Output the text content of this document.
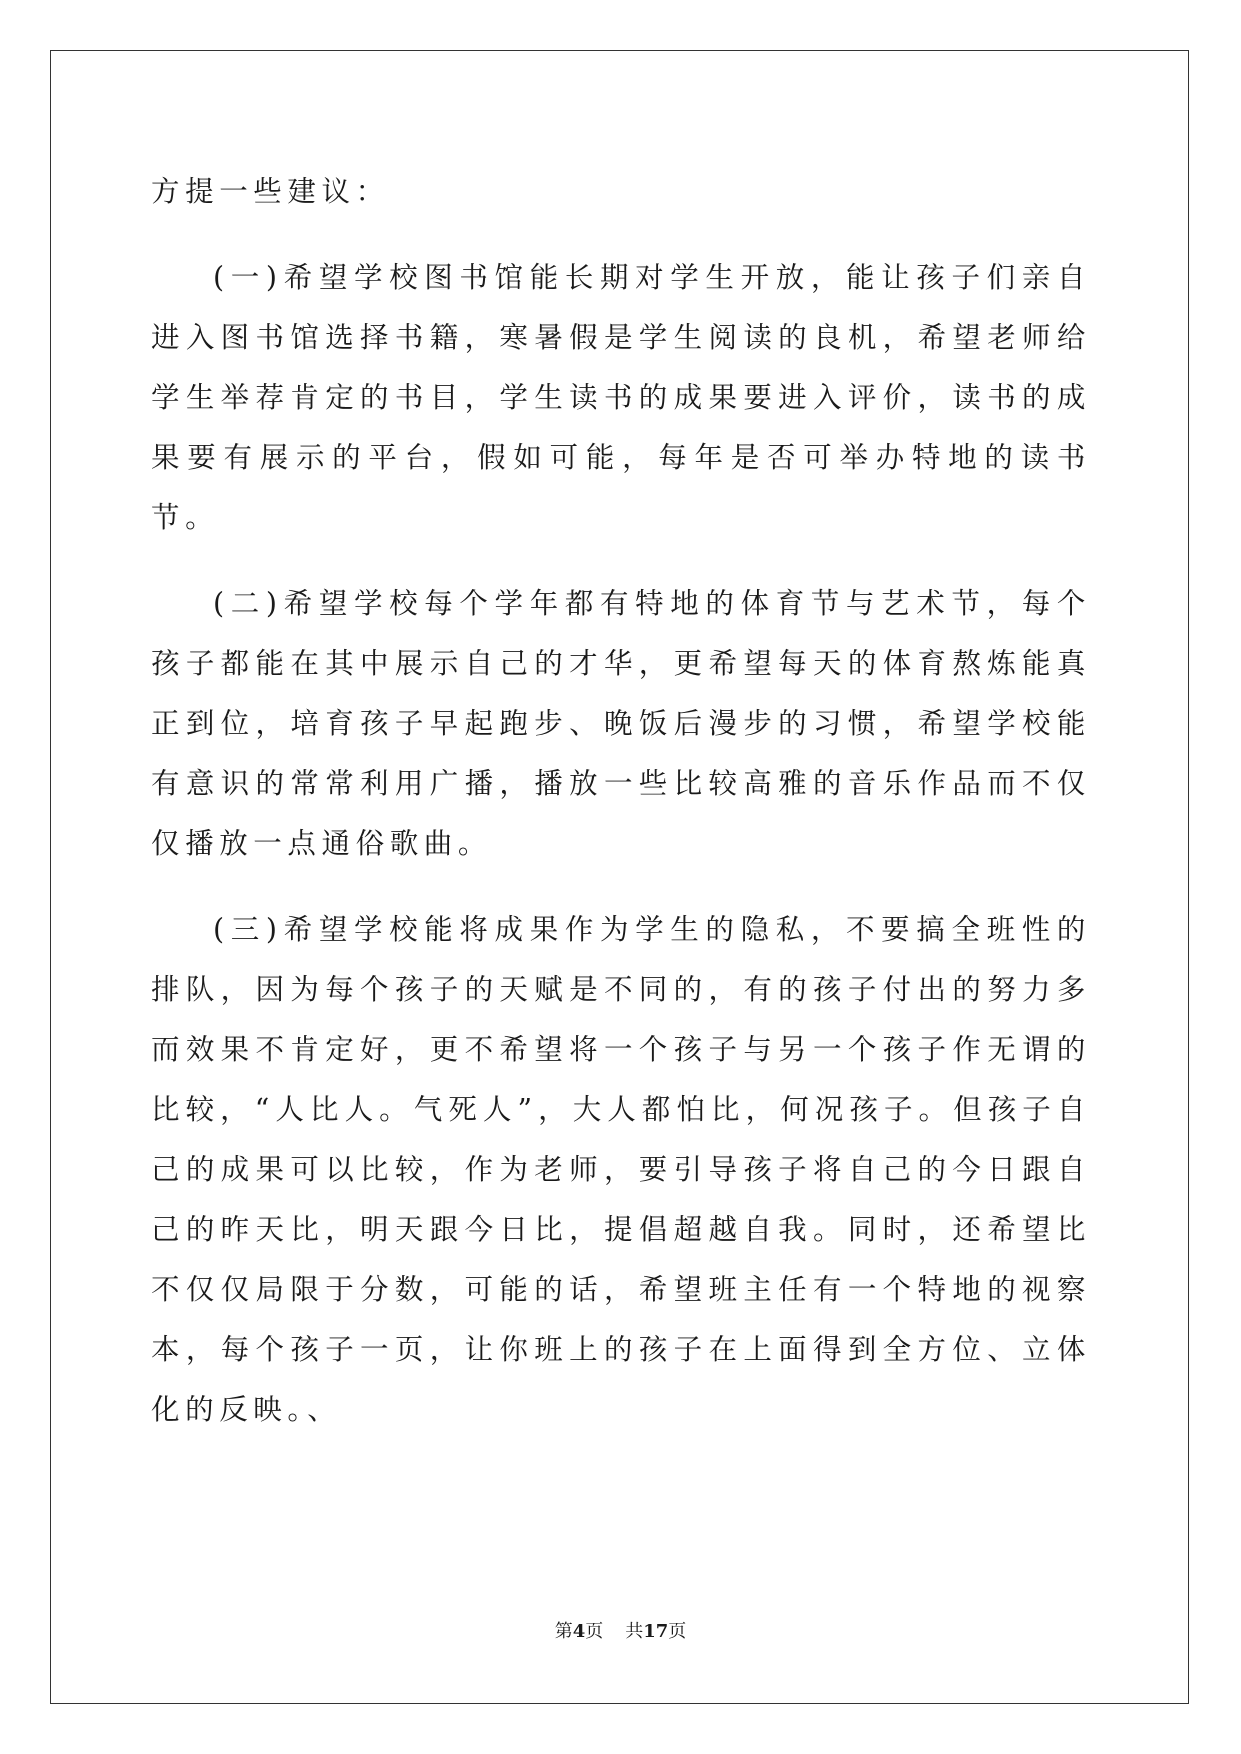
方提一些建议：

(一)希望学校图书馆能长期对学生开放，能让孩子们亲自进入图书馆选择书籍，寒暑假是学生阅读的良机，希望老师给学生举荐肯定的书目，学生读书的成果要进入评价，读书的成果要有展示的平台，假如可能，每年是否可举办特地的读书节。

(二)希望学校每个学年都有特地的体育节与艺术节，每个孩子都能在其中展示自己的才华，更希望每天的体育熬炼能真正到位，培育孩子早起跑步、晚饭后漫步的习惯，希望学校能有意识的常常利用广播，播放一些比较高雅的音乐作品而不仅仅播放一点通俗歌曲。

(三)希望学校能将成果作为学生的隐私，不要搞全班性的排队，因为每个孩子的天赋是不同的，有的孩子付出的努力多而效果不肯定好，更不希望将一个孩子与另一个孩子作无谓的比较，“人比人。气死人”，大人都怕比，何况孩子。但孩子自己的成果可以比较，作为老师，要引导孩子将自己的今日跟自己的昨天比，明天跟今日比，提倡超越自我。同时，还希望比不仅仅局限于分数，可能的话，希望班主任有一个特地的视察本，每个孩子一页，让你班上的孩子在上面得到全方位、立体化的反映。、

第4页 共17页
